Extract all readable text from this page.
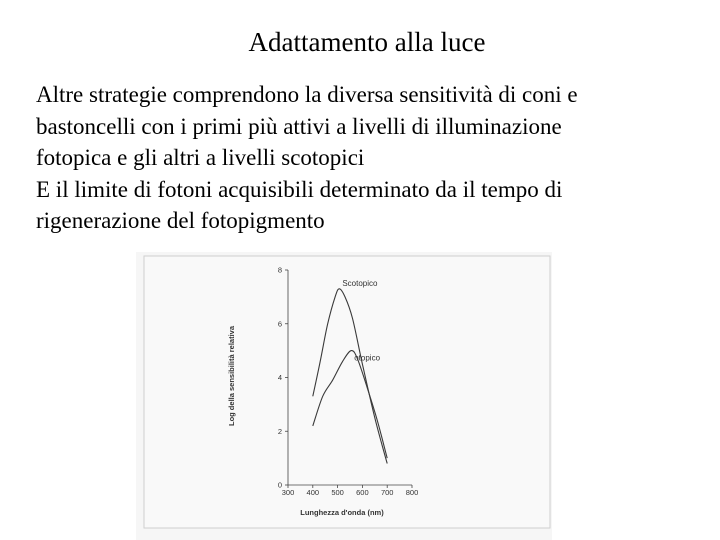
Adattamento alla luce
Altre strategie comprendono la diversa sensitività di coni e
bastoncelli con i primi più attivi a livelli di illuminazione
fotopica e gli altri a livelli scotopici
E il limite di fotoni acquisibili determinato da il tempo di
rigenerazione del fotopigmento
300 400 500 600 700 800
0
2
4
6
8
Scotopico
otopico
Lunghezza d'onda (nm)
Log della sensibilità relativa
